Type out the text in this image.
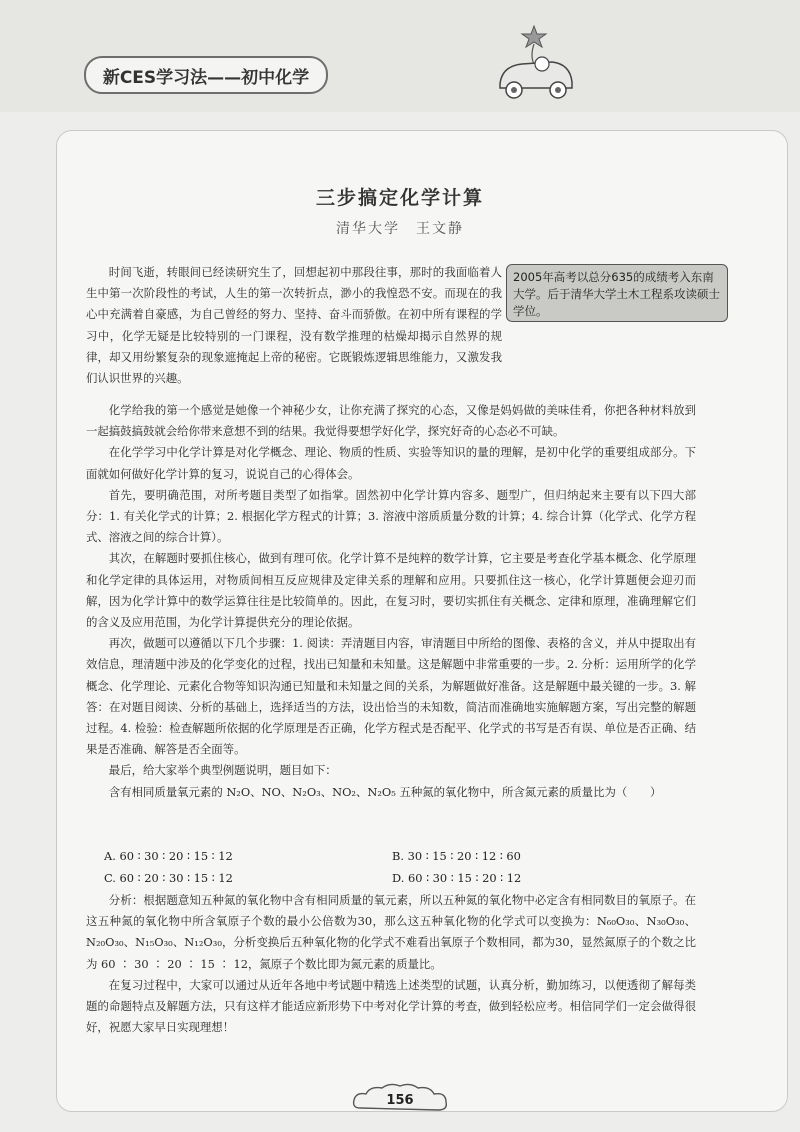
新CES学习法——初中化学
三步搞定化学计算
清华大学　王文静
2005年高考以总分635的成绩考入东南大学。后于清华大学土木工程系攻读硕士学位。

时间飞逝，转眼间已经读研究生了，回想起初中那段往事，那时的我面临着人生中第一次阶段性的考试，人生的第一次转折点，渺小的我惶恐不安。而现在的我心中充满着自豪感，为自己曾经的努力、坚持、奋斗而骄傲。在初中所有课程的学习中，化学无疑是比较特别的一门课程，没有数学推理的枯燥却揭示自然界的规律，却又用纷繁复杂的现象遮掩起上帝的秘密。它既锻炼逻辑思维能力，又激发我们认识世界的兴趣。

化学给我的第一个感觉是她像一个神秘少女，让你充满了探究的心态，又像是妈妈做的美味佳肴，你把各种材料放到一起搞鼓搞鼓就会给你带来意想不到的结果。我觉得要想学好化学，探究好奇的心态必不可缺。

在化学学习中化学计算是对化学概念、理论、物质的性质、实验等知识的量的理解，是初中化学的重要组成部分。下面就如何做好化学计算的复习，说说自己的心得体会。

首先，要明确范围，对所考题目类型了如指掌。固然初中化学计算内容多、题型广，但归纳起来主要有以下四大部分：1. 有关化学式的计算；2. 根据化学方程式的计算；3. 溶液中溶质质量分数的计算；4. 综合计算（化学式、化学方程式、溶液之间的综合计算）。

其次，在解题时要抓住核心，做到有理可依。化学计算不是纯粹的数学计算，它主要是考查化学基本概念、化学原理和化学定律的具体运用，对物质间相互反应规律及定律关系的理解和应用。只要抓住这一核心，化学计算题便会迎刃而解，因为化学计算中的数学运算往往是比较简单的。因此，在复习时，要切实抓住有关概念、定律和原理，准确理解它们的含义及应用范围，为化学计算提供充分的理论依据。

再次，做题可以遵循以下几个步骤：1. 阅读：弄清题目内容，审清题目中所给的图像、表格的含义，并从中提取出有效信息，理清题中涉及的化学变化的过程，找出已知量和未知量。这是解题中非常重要的一步。2. 分析：运用所学的化学概念、化学理论、元素化合物等知识沟通已知量和未知量之间的关系，为解题做好准备。这是解题中最关键的一步。3. 解答：在对题目阅读、分析的基础上，选择适当的方法，设出恰当的未知数，简洁而准确地实施解题方案，写出完整的解题过程。4. 检验：检查解题所依据的化学原理是否正确，化学方程式是否配平、化学式的书写是否有误、单位是否正确、结果是否准确、解答是否全面等。

最后，给大家举个典型例题说明，题目如下：

含有相同质量氧元素的 N₂O、NO、N₂O₃、NO₂、N₂O₅ 五种氮的氧化物中，所含氮元素的质量比为（　　）

A. 60 ∶ 30 ∶ 20 ∶ 15 ∶ 12	B. 30 ∶ 15 ∶ 20 ∶ 12 ∶ 60
C. 60 ∶ 20 ∶ 30 ∶ 15 ∶ 12	D. 60 ∶ 30 ∶ 15 ∶ 20 ∶ 12

分析：根据题意知五种氮的氧化物中含有相同质量的氧元素，所以五种氮的氧化物中必定含有相同数目的氧原子。在这五种氮的氧化物中所含氧原子个数的最小公倍数为30，那么这五种氧化物的化学式可以变换为：N₆₀O₃₀、N₃₀O₃₀、N₂₀O₃₀、N₁₅O₃₀、N₁₂O₃₀，分析变换后五种氧化物的化学式不难看出氧原子个数相同，都为30，显然氮原子的个数之比为 60 ∶ 30 ∶ 20 ∶ 15 ∶ 12，氮原子个数比即为氮元素的质量比。

在复习过程中，大家可以通过从近年各地中考试题中精选上述类型的试题，认真分析，勤加练习，以便透彻了解每类题的命题特点及解题方法，只有这样才能适应新形势下中考对化学计算的考查，做到轻松应考。相信同学们一定会做得很好，祝愿大家早日实现理想！

156
